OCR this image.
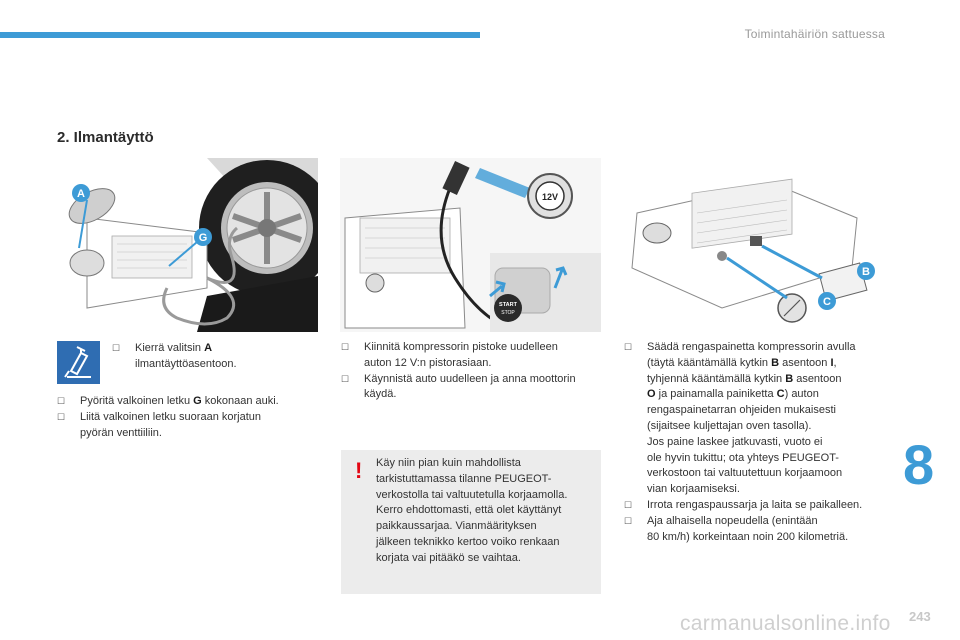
Toimintahäiriön sattuessa
2. Ilmantäyttö
A
G
START
STOP
12V
B
C

☐	Kierrä valitsin A
ilmantäyttöasentoon.

☐	Pyöritä valkoinen letku G kokonaan auki.

☐	Liitä valkoinen letku suoraan korjatun
pyörän venttiiliin.

☐	Kiinnitä kompressorin pistoke uudelleen
auton 12 V:n pistorasiaan.

☐	Käynnistä auto uudelleen ja anna moottorin
käydä.

! Käy niin pian kuin mahdollista
tarkistuttamassa tilanne PEUGEOT-
verkostolla tai valtuutetulla korjaamolla.
Kerro ehdottomasti, että olet käyttänyt
paikkaussarjaa. Vianmäärityksen
jälkeen teknikko kertoo voiko renkaan
korjata vai pitääkö se vaihtaa.

☐	Säädä rengaspainetta kompressorin avulla
(täytä kääntämällä kytkin B asentoon I,
tyhjennä kääntämällä kytkin B asentoon
O ja painamalla painiketta C) auton
rengaspainetarran ohjeiden mukaisesti
(sijaitsee kuljettajan oven tasolla).
Jos paine laskee jatkuvasti, vuoto ei
ole hyvin tukittu; ota yhteys PEUGEOT-
verkostoon tai valtuutettuun korjaamoon
vian korjaamiseksi.

☐	Irrota rengaspaussarja ja laita se paikalleen.

☐	Aja alhaisella nopeudella (enintään
80 km/h) korkeintaan noin 200 kilometriä.

8
carmanualsonline.info 243
